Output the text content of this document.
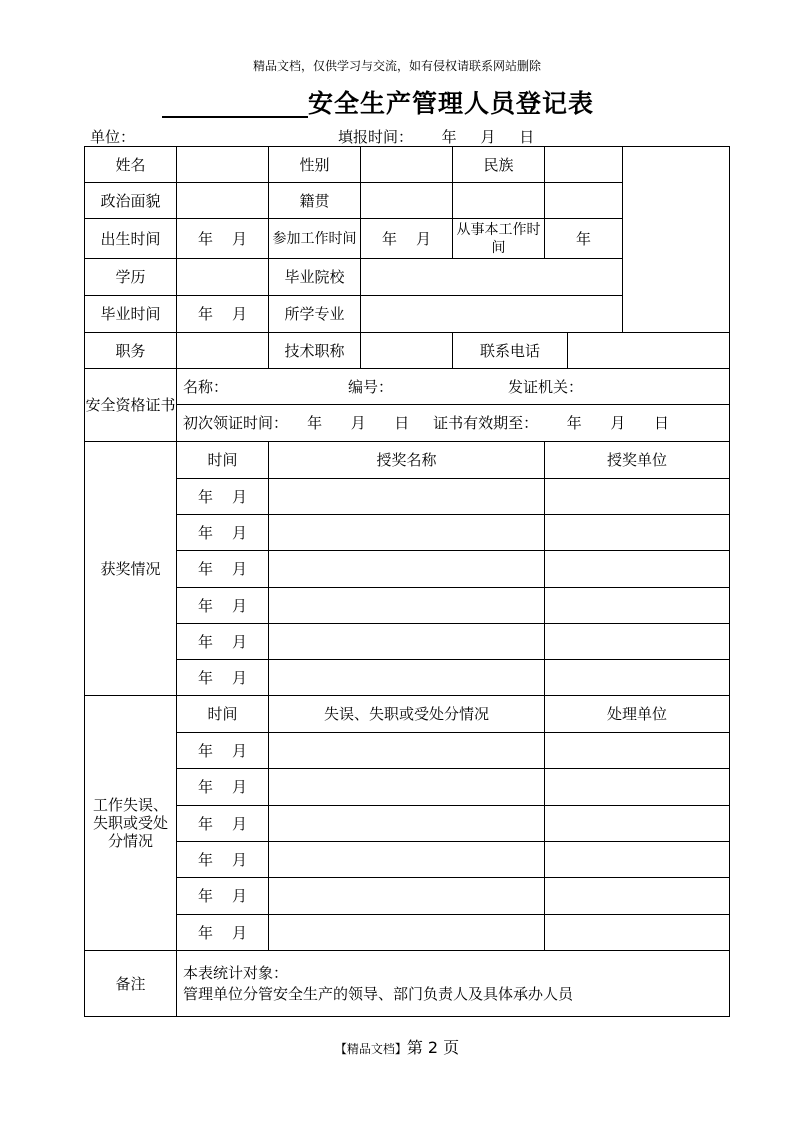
精品文档，仅供学习与交流，如有侵权请联系网站删除
安全生产管理人员登记表
单位：	填报时间： 年     月     日
姓名		性别		民族			
政治面貌		籍贯					
出生时间	年    月	参加工作时间	年    月	从事本工作时间	年		
学历		毕业院校					
毕业时间	年    月	所学专业					
职务		技术职称		联系电话			
安全资格证书	名称： 编号： 发证机关：						
	初次领证时间： 年      月      日 证书有效期至： 年      月      日						
获奖情况	时间	授奖名称			授奖单位		
	年    月						
	年    月						
	年    月						
	年    月						
	年    月						
	年    月						
工作失误、失职或受处分情况	时间	失误、失职或受处分情况			处理单位		
	年    月						
	年    月						
	年    月						
	年    月						
	年    月						
	年    月						
备注	本表统计对象：
管理单位分管安全生产的领导、部门负责人及具体承办人员						
【精品文档】第 2 页
